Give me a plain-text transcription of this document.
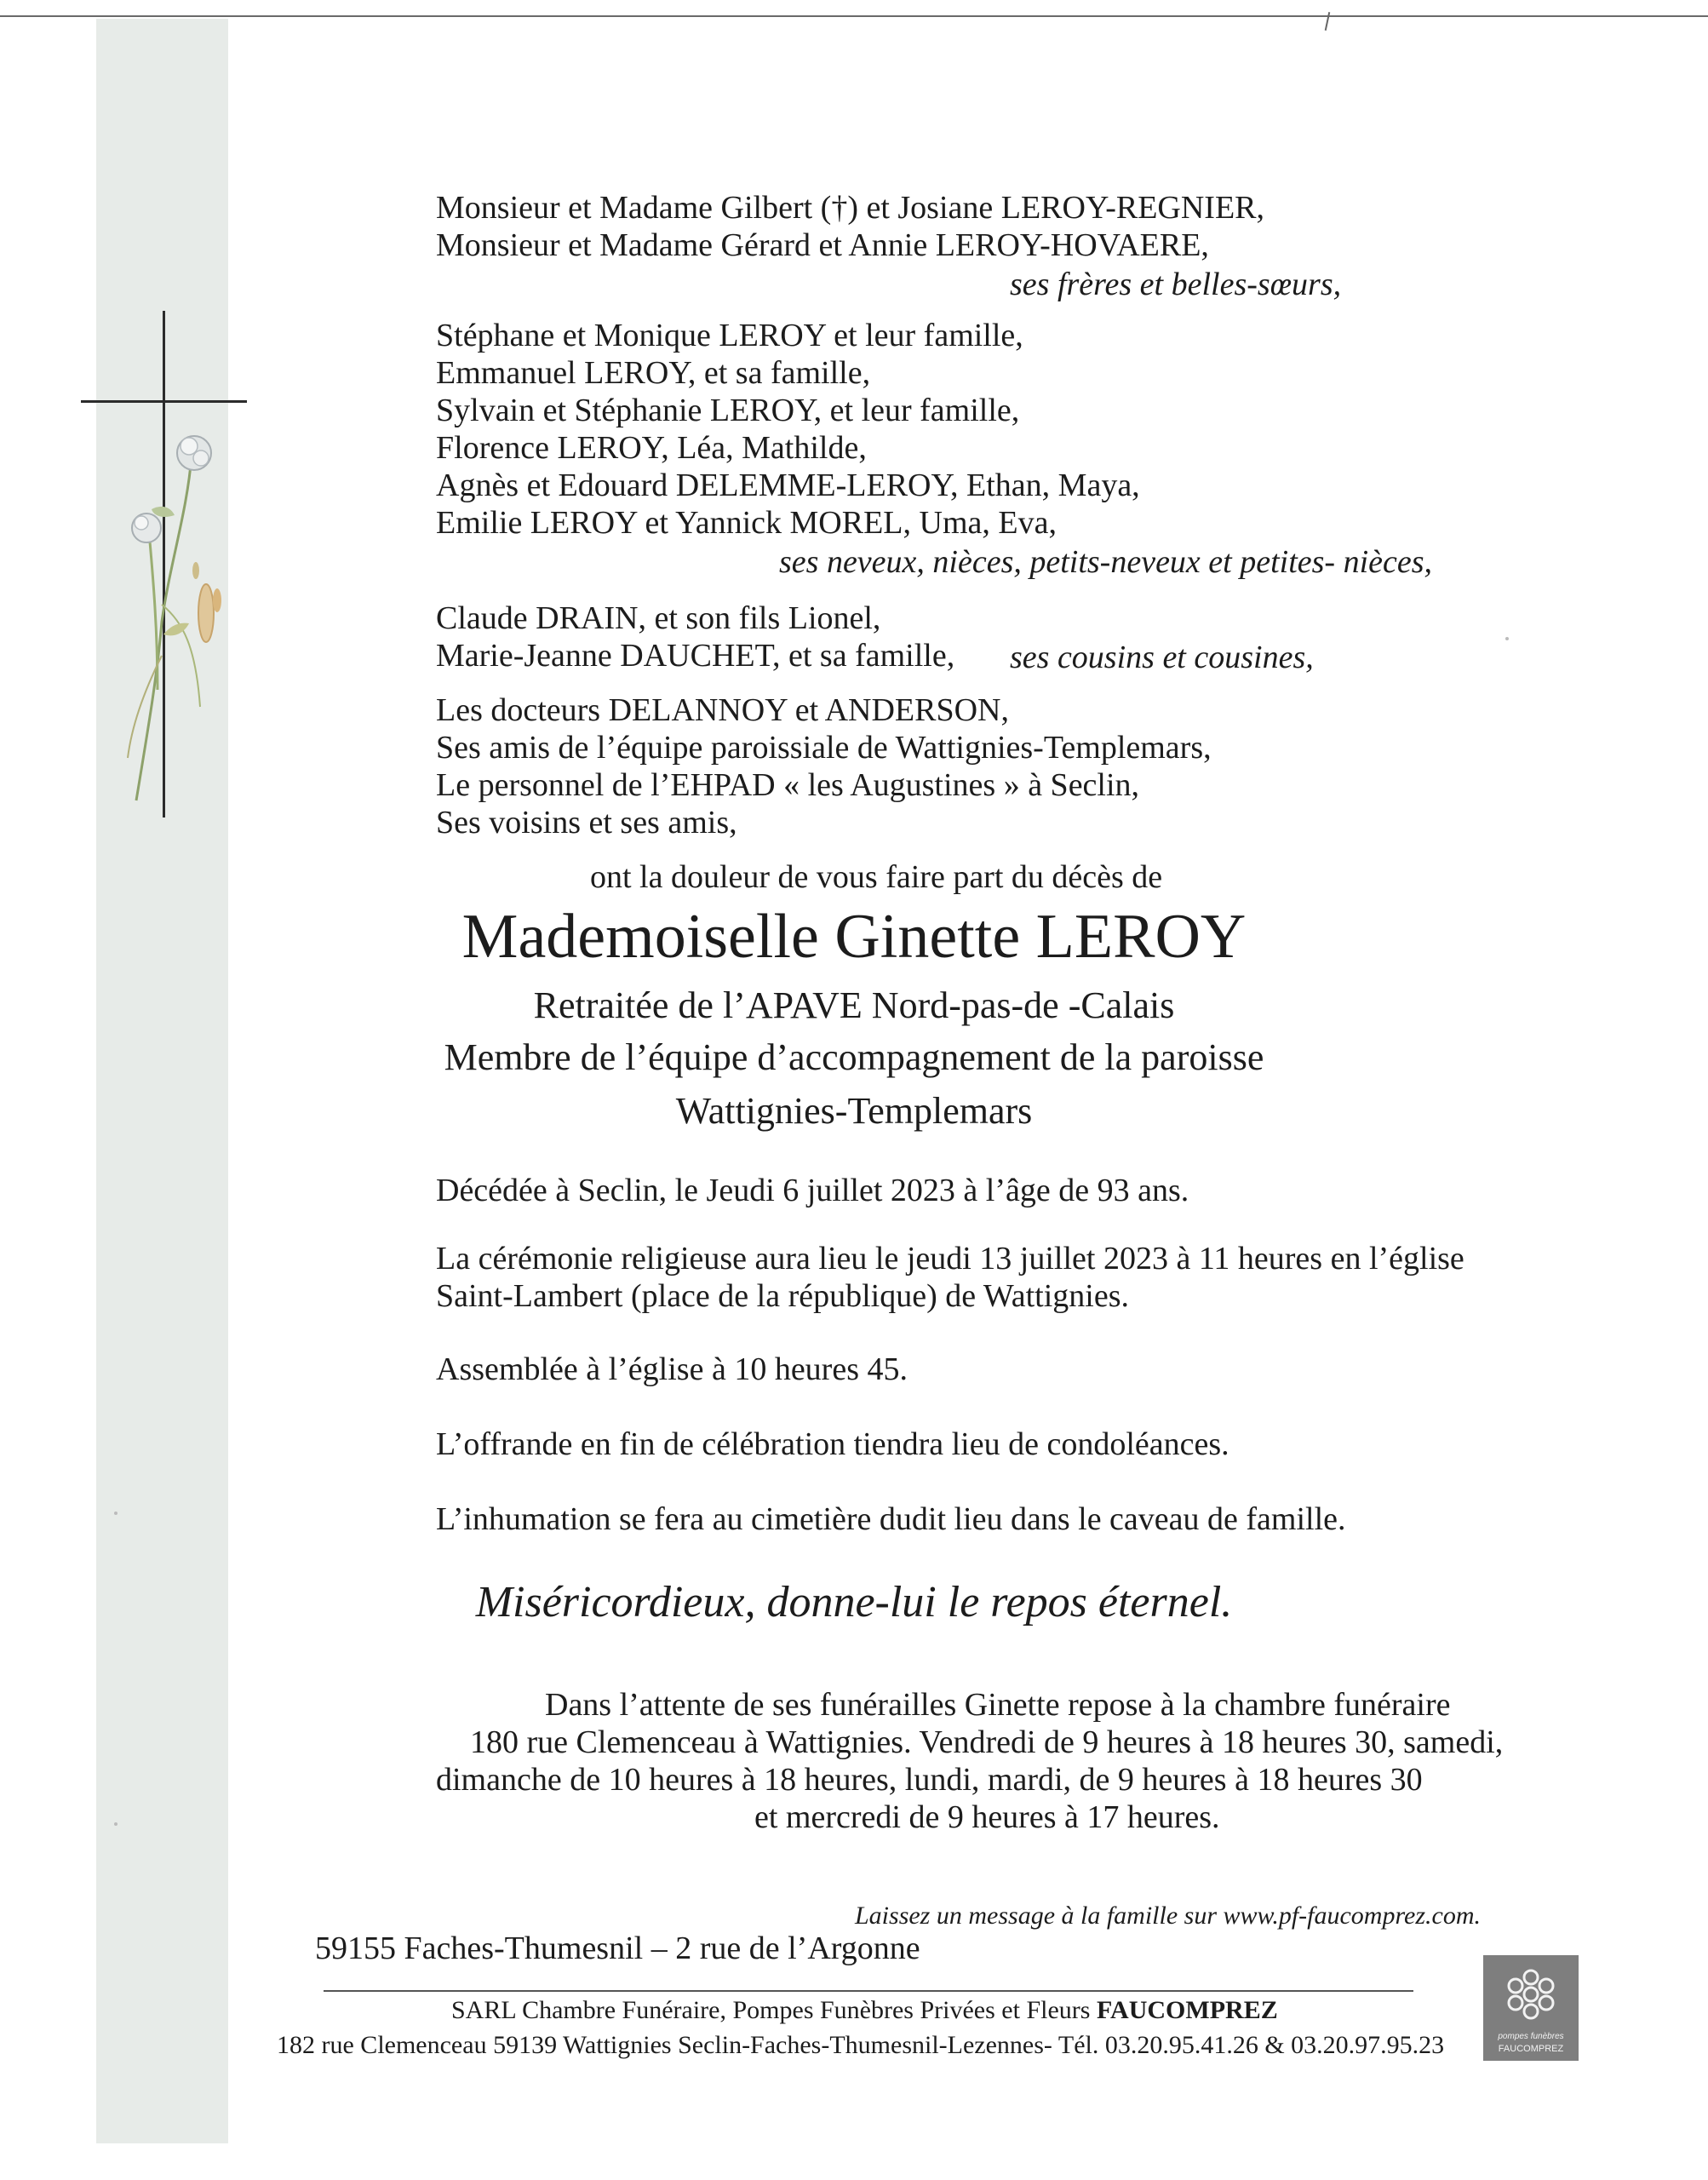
Monsieur et Madame Gilbert (†) et Josiane LEROY-REGNIER,
Monsieur et Madame Gérard et Annie LEROY-HOVAERE,
ses frères et belles-sœurs,
Stéphane et Monique LEROY et leur famille,
Emmanuel LEROY, et sa famille,
Sylvain et Stéphanie LEROY, et leur famille,
Florence LEROY, Léa, Mathilde,
Agnès et Edouard DELEMME-LEROY, Ethan, Maya,
Emilie LEROY et Yannick MOREL, Uma, Eva,
ses neveux, nièces, petits-neveux et petites- nièces,
Claude DRAIN, et son fils Lionel,
Marie-Jeanne DAUCHET, et sa famille, ses cousins et cousines,
Les docteurs DELANNOY et ANDERSON,
Ses amis de l’équipe paroissiale de Wattignies-Templemars,
Le personnel de l’EHPAD « les Augustines » à Seclin,
Ses voisins et ses amis,
ont la douleur de vous faire part du décès de
Mademoiselle Ginette LEROY
Retraitée de l’APAVE Nord-pas-de -Calais
Membre de l’équipe d’accompagnement de la paroisse
Wattignies-Templemars
Décédée à Seclin, le Jeudi 6 juillet 2023 à l’âge de 93 ans.
La cérémonie religieuse aura lieu le jeudi 13 juillet 2023 à 11 heures en l’église
Saint-Lambert (place de la république) de Wattignies.
Assemblée à l’église à 10 heures 45.
L’offrande en fin de célébration tiendra lieu de condoléances.
L’inhumation se fera au cimetière dudit lieu dans le caveau de famille.
Miséricordieux, donne-lui le repos éternel.
Dans l’attente de ses funérailles Ginette repose à la chambre funéraire
180 rue Clemenceau à Wattignies. Vendredi de 9 heures à 18 heures 30, samedi,
dimanche de 10 heures à 18 heures, lundi, mardi, de 9 heures à 18 heures 30
et mercredi de 9 heures à 17 heures.
Laissez un message à la famille sur www.pf-faucomprez.com.
59155 Faches-Thumesnil – 2 rue de l’Argonne
SARL Chambre Funéraire, Pompes Funèbres Privées et Fleurs FAUCOMPREZ
182 rue Clemenceau 59139 Wattignies Seclin-Faches-Thumesnil-Lezennes- Tél. 03.20.95.41.26 & 03.20.97.95.23	pompes funèbres
FAUCOMPREZ
